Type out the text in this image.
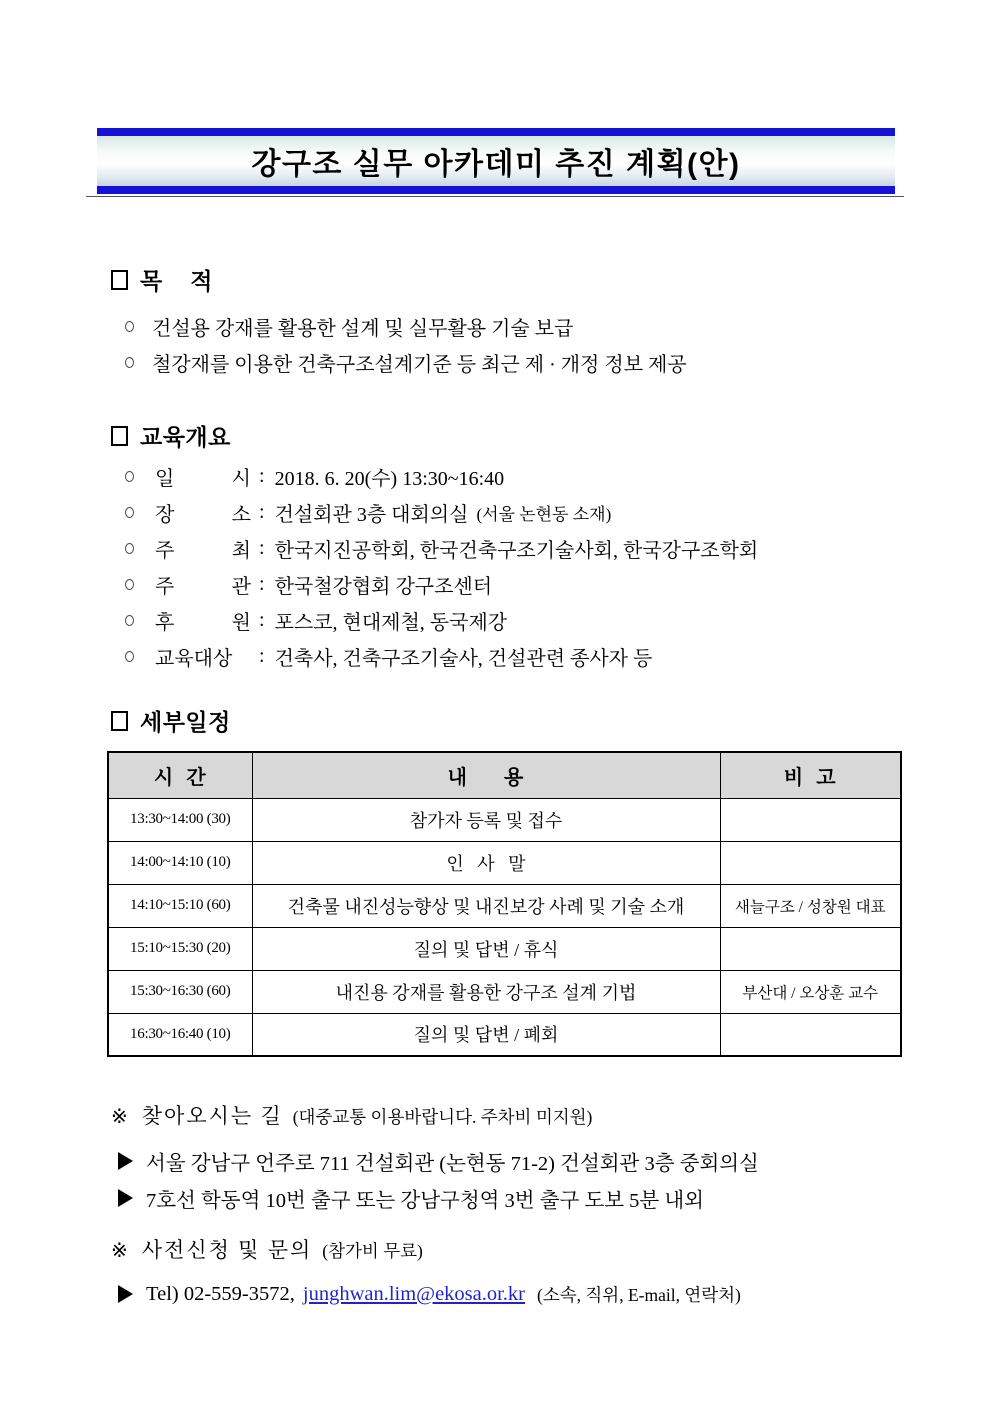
강구조 실무 아카데미 추진 계획(안)
목    적
건설용 강재를 활용한 설계 및 실무활용 기술 보급
철강재를 이용한 건축구조설계기준 등 최근 제 · 개정 정보 제공
교육개요
일 시 : 2018. 6. 20(수) 13:30~16:40
장 소 : 건설회관 3층 대회의실 (서울 논현동 소재)
주 최 : 한국지진공학회, 한국건축구조기술사회, 한국강구조학회
주 관 : 한국철강협회 강구조센터
후 원 : 포스코, 현대제철, 동국제강
교육대상	: 건축사, 건축구조기술사, 건설관련 종사자 등
세부일정
시  간	내      용	비  고
13:30~14:00 (30)	참가자 등록 및 접수	
14:00~14:10 (10)	인   사   말	
14:10~15:10 (60)	건축물 내진성능향상 및 내진보강 사례 및 기술 소개	새늘구조 / 성창원 대표
15:10~15:30 (20)	질의 및 답변 / 휴식	
15:30~16:30 (60)	내진용 강재를 활용한 강구조 설계 기법	부산대 / 오상훈 교수
16:30~16:40 (10)	질의 및 답변 / 폐회	
※ 찾아오시는 길 (대중교통 이용바랍니다. 주차비 미지원)
서울 강남구 언주로 711 건설회관 (논현동 71-2) 건설회관 3층 중회의실
7호선 학동역 10번 출구 또는 강남구청역 3번 출구 도보 5분 내외
※ 사전신청 및 문의 (참가비 무료)
Tel) 02-559-3572, junghwan.lim@ekosa.or.kr (소속, 직위, E-mail, 연락처)
